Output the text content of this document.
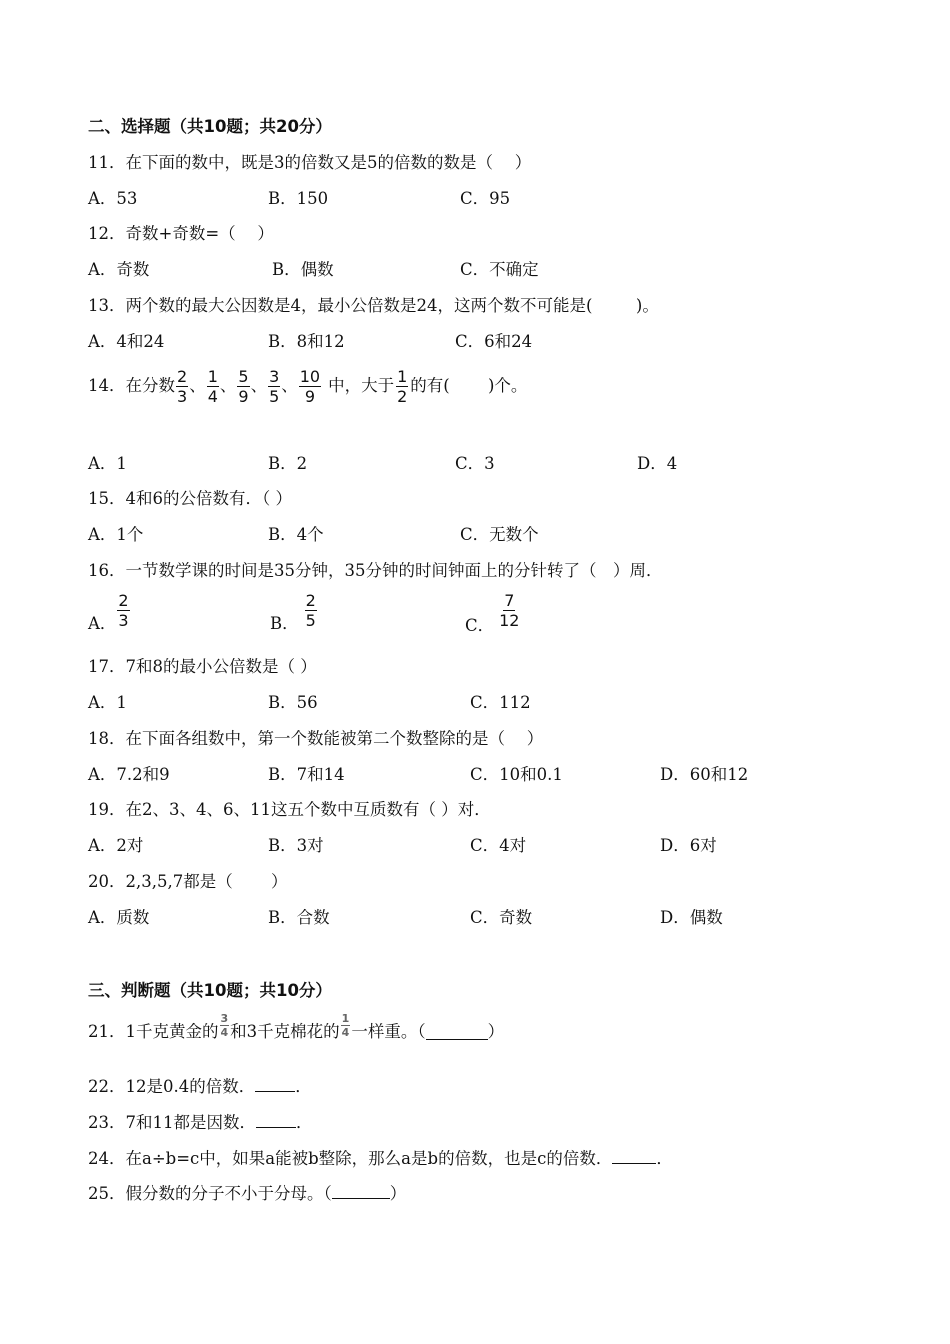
二、选择题（共10题；共20分）
11．在下面的数中，既是3的倍数又是5的倍数的数是（　 ）
A．53	B．150	C．95
12．奇数+奇数=（　 ）
A．奇数	B．偶数	C．不确定
13．两个数的最大公因数是4，最小公倍数是24，这两个数不可能是(　 　 )。
A．4和24	B．8和12	C．6和24
14．在分数 $\frac{2}{3}$ 、 $\frac{1}{4}$ 、 $\frac{5}{9}$ 、 $\frac{3}{5}$ 、 $\frac{10}{9}$ 中，大于 $\frac{1}{2}$ 的有(　 　)个。
A．1	B．2	C．3	D．4
15．4和6的公倍数有．（ ）
A．1个	B．4个	C．无数个
16．一节数学课的时间是35分钟，35分钟的时间钟面上的分针转了（　）周．
A． $\frac{2}{3}$	B． $\frac{2}{5}$	C． $\frac{7}{12}$
17．7和8的最小公倍数是（ ）
A．1	B．56	C．112
18．在下面各组数中，第一个数能被第二个数整除的是（　 ）
A．7.2和9	B．7和14	C．10和0.1	D．60和12
19．在2、3、4、6、11这五个数中互质数有（ ）对．
A．2对	B．3对	C．4对	D．6对
20．2,3,5,7都是（　 　）
A．质数	B．合数	C．奇数	D．偶数
三、判断题（共10题；共10分）
21．1千克黄金的 $\frac{3}{4}$ 和3千克棉花的 $\frac{1}{4}$ 一样重。（	）
22．12是0.4的倍数． ．
23．7和11都是因数． ．
24．在a÷b=c中，如果a能被b整除，那么a是b的倍数，也是c的倍数．	．
25．假分数的分子不小于分母。（	）
